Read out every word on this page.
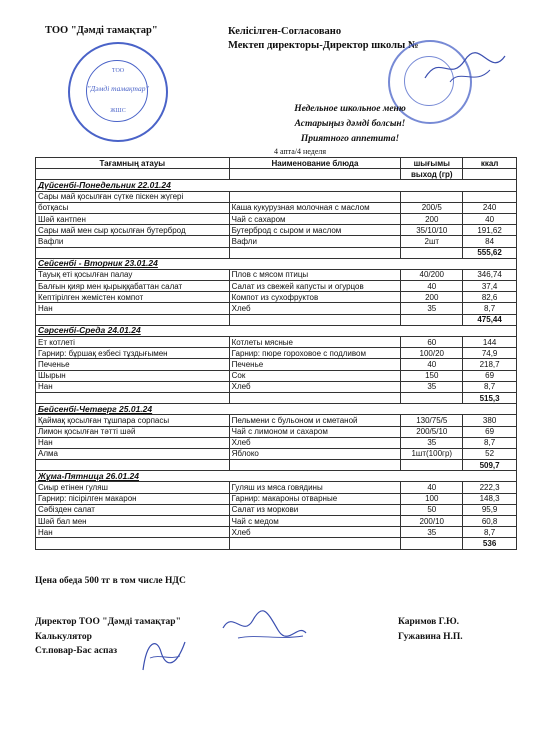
ТОО "Дәмді тамақтар"	Келісілген-Согласовано
Мектеп директоры-Директор школы №
ТОО
"Дәмді тамақтар"
ЖШС	Недельное школьное меню
Астарыңыз дәмді болсын!
Приятного аппетита!
4 апта/4 неделя
Тағамның атауы	Наименование блюда	шығымы	ккал
		выход (гр)	
Дүйсенбі-Понедельник 22.01.24			
Сары май қосылған сүтке піскен жүгері			
ботқасы	Каша кукурузная молочная с маслом	200/5	240
Шәй кантпен	Чай с сахаром	200	40
Сары май мен сыр қосылған бутерброд	Бутерброд с сыром и маслом	35/10/10	191,62
Вафли	Вафли	2шт	84
			555,62
Сейсенбі - Вторник 23.01.24			
Тауық еті қосылған палау	Плов с мясом птицы	40/200	346,74
Балғын қияр мен қырыққабаттан салат	Салат из свежей капусты и огурцов	40	37,4
Кептірілген жемістен компот	Компот из сухофруктов	200	82,6
Нан	Хлеб	35	8,7
			475,44
Сәрсенбі-Среда 24.01.24			
Ет котлеті	Котлеты мясные	60	144
Гарнир: бұршақ езбесі тұздығымен	Гарнир: пюре гороховое с подливом	100/20	74,9
Печенье	Печенье	40	218,7
Шырын	Сок	150	69
Нан	Хлеб	35	8,7
			515,3
Бейсенбі-Четверг 25.01.24			
Қаймақ қосылған тұшпара сорпасы	Пельмени с бульоном и сметаной	130/75/5	380
Лимон қосылған тәтті шәй	Чай с лимоном и сахаром	200/5/10	69
Нан	Хлеб	35	8,7
Алма	Яблоко	1шт(100гр)	52
			509,7
Жұма-Пятница 26.01.24			
Сиыр етінен гуляш	Гуляш из мяса говядины	40	222,3
Гарнир: пісірілген макарон	Гарнир: макароны отварные	100	148,3
Сәбізден салат	Салат из моркови	50	95,9
Шәй бал мен	Чай с медом	200/10	60,8
Нан	Хлеб	35	8,7
			536
Цена обеда 500 тг в том числе НДС
Директор ТОО "Дәмді тамақтар"	Каримов Г.Ю.
Калькулятор	Гужавина Н.П.
Ст.повар-Бас аспаз
